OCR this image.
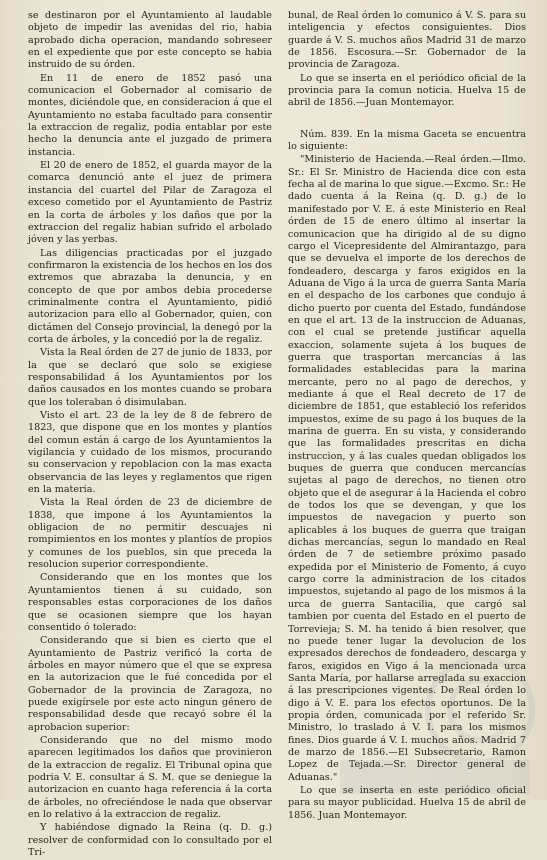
se destinaron por el Ayuntamiento al laudable objeto de impedir las avenidas del rio, habia aprobado dicha operacion, mandando sobreseer en el expediente que por este concepto se habia instruido de su órden.

En 11 de enero de 1852 pasó una comunicacion el Gobernador al comisario de montes, diciéndole que, en consideracion á que el Ayuntamiento no estaba facultado para consentir la extraccion de regaliz, podia entablar por este hecho la denuncia ante el juzgado de primera instancia.

El 20 de enero de 1852, el guarda mayor de la comarca denunció ante el juez de primera instancia del cuartel del Pilar de Zaragoza el exceso cometido por el Ayuntamiento de Pastriz en la corta de árboles y los daños que por la extraccion del regaliz habian sufrido el arbolado jóven y las yerbas.

Las diligencias practicadas por el juzgado confirmaron la existencia de los hechos en los dos extremos que abrazaba la denuncia, y en concepto de que por ambos debia procederse criminalmente contra el Ayuntamiento, pidió autorizacion para ello al Gobernador, quien, con dictámen del Consejo provincial, la denegó por la corta de árboles, y la concedió por la de regaliz.

Vista la Real órden de 27 de junio de 1833, por la que se declaró que solo se exigiese responsabilidad á los Ayuntamientos por los daños causados en los montes cuando se probara que los toleraban ó disimulaban.

Visto el art. 23 de la ley de 8 de febrero de 1823, que dispone que en los montes y plantíos del comun están á cargo de los Ayuntamientos la vigilancia y cuidado de los mismos, procurando su conservacion y repoblacion con la mas exacta observancia de las leyes y reglamentos que rigen en la materia.

Vista la Real órden de 23 de diciembre de 1838, que impone á los Ayuntamientos la obligacion de no permitir descuajes ni rompimientos en los montes y plantíos de propios y comunes de los pueblos, sin que preceda la resolucion superior correspondiente.

Considerando que en los montes que los Ayuntamientos tienen á su cuidado, son responsables estas corporaciones de los daños que se ocasionen siempre que los hayan consentido ó tolerado:

Considerando que si bien es cierto que el Ayuntamiento de Pastriz verificó la corta de árboles en mayor número que el que se expresa en la autorizacion que le fué concedida por el Gobernador de la provincia de Zaragoza, no puede exigírsele por este acto ningun género de responsabilidad desde que recayó sobre él la aprobacion superior:

Considerando que no del mismo modo aparecen legitimados los daños que provinieron de la extraccion de regaliz. El Tribunal opina que podria V. E. consultar á S. M. que se deniegue la autorizacion en cuanto haga referencia á la corta de árboles, no ofreciéndose le nada que observar en lo relativo á la extraccion de regaliz.

Y habiéndose dignado la Reina (q. D. g.) resolver de conformidad con lo consultado por el Tri-

bunal, de Real órden lo comunico á V. S. para su inteligencia y efectos consiguientes. Dios guarde á V. S. muchos años Madrid 31 de marzo de 1856. Escosura.—Sr. Gobernador de la provincia de Zaragoza.

Lo que se inserta en el periódico oficial de la provincia para la comun noticia. Huelva 15 de abril de 1856.—Juan Montemayor.

Núm. 839. En la misma Gaceta se encuentra lo siguiente:

"Ministerio de Hacienda.—Real órden.—Ilmo. Sr.: El Sr. Ministro de Hacienda dice con esta fecha al de marina lo que sigue.—Excmo. Sr.: He dado cuenta á la Reina (q. D. g.) de lo manifestado por V. E. á este Ministerio en Real órden de 15 de enero último al insertar la comunicacion que ha dirigido al de su digno cargo el Vicepresidente del Almirantazgo, para que se devuelva el importe de los derechos de fondeadero, descarga y faros exigidos en la Aduana de Vigo á la urca de guerra Santa María en el despacho de los carbones que condujo á dicho puerto por cuenta del Estado, fundándose en que el art. 13 de la instruccion de Aduanas, con el cual se pretende justificar aquella exaccion, solamente sujeta á los buques de guerra que trasportan mercancías á las formalidades establecidas para la marina mercante, pero no al pago de derechos, y mediante á que el Real decreto de 17 de diciembre de 1851, que estableció los referidos impuestos, exime de su pago á los buques de la marina de guerra. En su vista, y considerando que las formalidades prescritas en dicha instruccion, y á las cuales quedan obligados los buques de guerra que conducen mercancías sujetas al pago de derechos, no tienen otro objeto que el de asegurar á la Hacienda el cobro de todos los que se devengan, y que los impuestos de navegacion y puerto son aplicables á los buques de guerra que traigan dichas mercancías, segun lo mandado en Real órden de 7 de setiembre próximo pasado expedida por el Ministerio de Fomento, á cuyo cargo corre la administracion de los citados impuestos, sujetando al pago de los mismos á la urca de guerra Santacilia, que cargó sal tambien por cuenta del Estado en el puerto de Torrevieja; S. M. ha tenido á bien resolver, que no puede tener lugar la devolucion de los expresados derechos de fondeadero, descarga y faros, exigidos en Vigo á la mencionada urca Santa María, por hallarse arreglada su exaccion á las prescripciones vigentes. De Real órden lo digo á V. E. para los efectos oportunos. De la propia órden, comunicada por el referido Sr. Ministro, lo traslado á V. I. para los mismos fines. Dios guarde á V. I. muchos años. Madrid 7 de marzo de 1856.—El Subsecretario, Ramon Lopez de Tejada.—Sr. Director general de Aduanas."

Lo que se inserta en este periódico oficial para su mayor publicidad. Huelva 15 de abril de 1856. Juan Montemayor.
